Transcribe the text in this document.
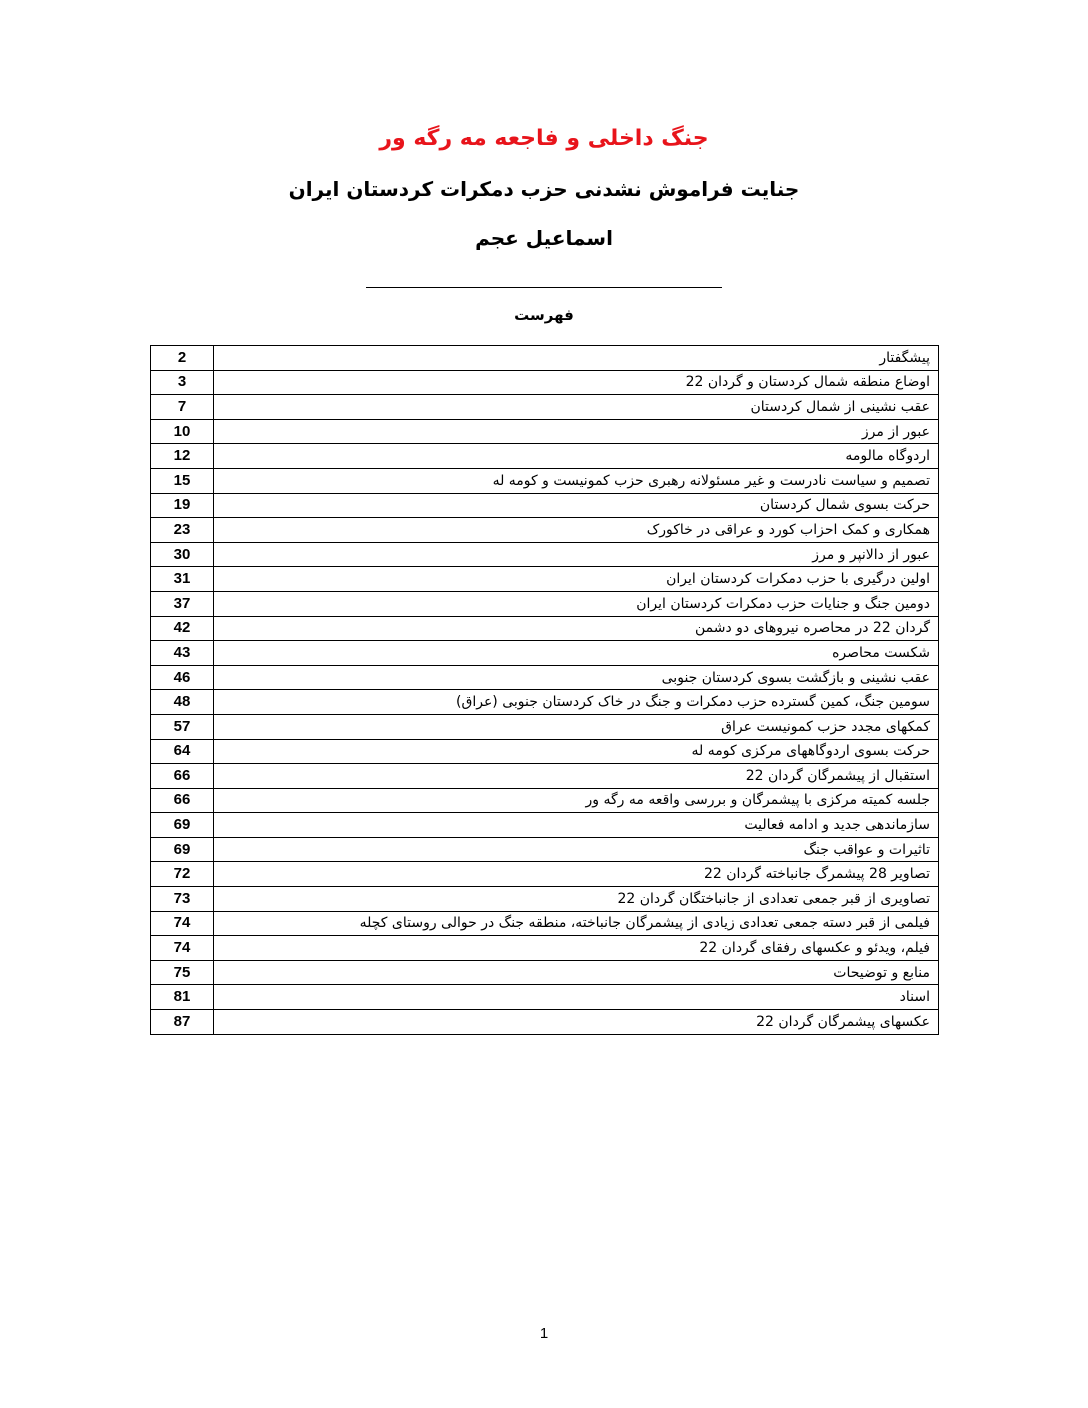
جنگ داخلی و فاجعه مه رگه ور
جنایت فراموش نشدنی حزب دمکرات کردستان ایران
اسماعیل عجم
فهرست
2	پیشگفتار
3	اوضاع منطقه شمال کردستان و گردان 22
7	عقب نشینی از شمال کردستان
10	عبور از مرز
12	اردوگاه مالومه
15	تصمیم و سیاست نادرست و غیر مسئولانه رهبری حزب کمونیست و کومه له
19	حرکت بسوی شمال کردستان
23	همکاری و کمک احزاب کورد و عراقی در خاکورک
30	عبور از دالانپر و مرز
31	اولین درگیری با حزب دمکرات کردستان ایران
37	دومین جنگ و جنایات حزب دمکرات کردستان ایران
42	گردان 22 در محاصره نیروهای دو دشمن
43	شکست محاصره
46	عقب نشینی و بازگشت بسوی کردستان جنوبی
48	سومین جنگ، کمین گسترده حزب دمکرات و جنگ در خاک کردستان جنوبی (عراق)
57	کمکهای مجدد حزب کمونیست عراق
64	حرکت بسوی اردوگاههای مرکزی کومه له
66	استقبال از پیشمرگان گردان 22
66	جلسه کمیته مرکزی با پیشمرگان و بررسی واقعه مه رگه ور
69	سازماندهی جدید و ادامه فعالیت
69	تاثیرات و عواقب جنگ
72	تصاویر 28 پیشمرگ جانباخته گردان 22
73	تصاویری از قبر جمعی تعدادی از جانباختگان گردان 22
74	فیلمی از قبر دسته جمعی تعدادی زیادی از پیشمرگان جانباخته، منطقه جنگ در حوالی روستای کچله
74	فیلم، ویدئو و عکسهای رفقای گردان 22
75	منابع و توضیحات
81	اسناد
87	عکسهای پیشمرگان گردان 22
1
